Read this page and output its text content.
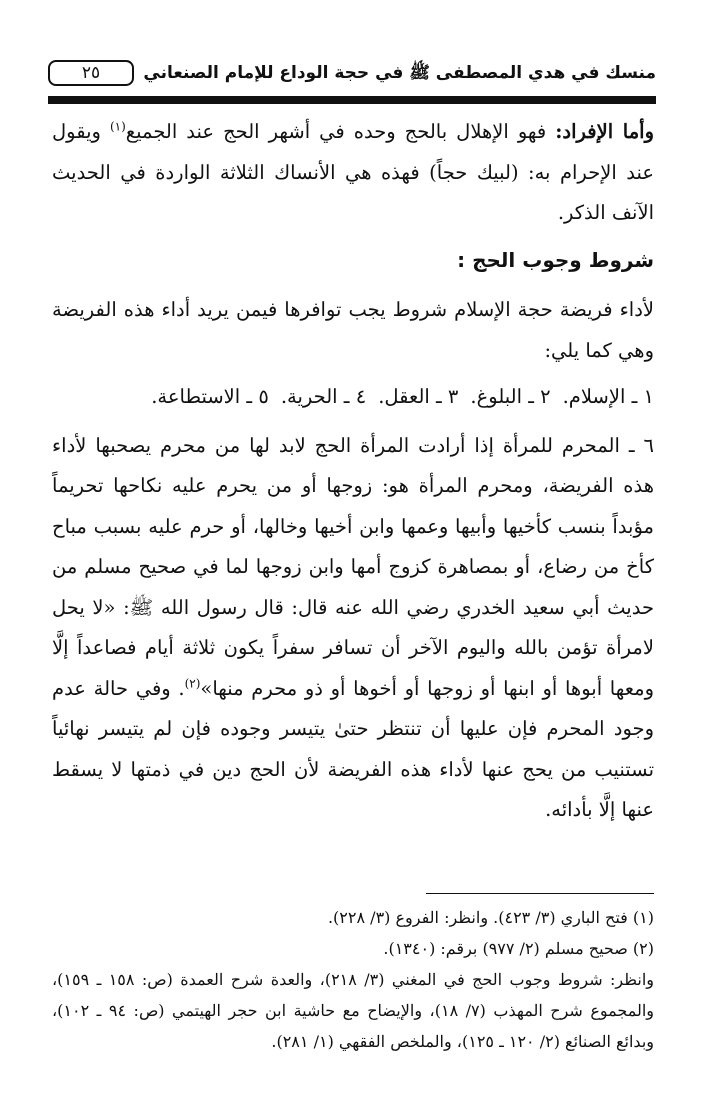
منسك في هدي المصطفى ﷺ في حجة الوداع للإمام الصنعاني
٢٥

وأما الإفراد: فهو الإهلال بالحج وحده في أشهر الحج عند الجميع$^{(١)}$ ويقول عند الإحرام به: (لبيك حجاً) فهذه هي الأنساك الثلاثة الواردة في الحديث الآنف الذكر.

شروط وجوب الحج :

لأداء فريضة حجة الإسلام شروط يجب توافرها فيمن يريد أداء هذه الفريضة وهي كما يلي:

١ ـ الإسلام.٢ ـ البلوغ.٣ ـ العقل.٤ ـ الحرية.٥ ـ الاستطاعة.

٦ ـ المحرم للمرأة إذا أرادت المرأة الحج لابد لها من محرم يصحبها لأداء هذه الفريضة، ومحرم المرأة هو: زوجها أو من يحرم عليه نكاحها تحريماً مؤبداً بنسب كأخيها وأبيها وعمها وابن أخيها وخالها، أو حرم عليه بسبب مباح كأخ من رضاع، أو بمصاهرة كزوج أمها وابن زوجها لما في صحيح مسلم من حديث أبي سعيد الخدري رضي الله عنه قال: قال رسول الله ﷺ: «لا يحل لامرأة تؤمن بالله واليوم الآخر أن تسافر سفراً يكون ثلاثة أيام فصاعداً إلَّا ومعها أبوها أو ابنها أو زوجها أو أخوها أو ذو محرم منها»$^{(٢)}$. وفي حالة عدم وجود المحرم فإن عليها أن تنتظر حتىٰ يتيسر وجوده فإن لم يتيسر نهائياً تستنيب من يحج عنها لأداء هذه الفريضة لأن الحج دين في ذمتها لا يسقط عنها إلَّا بأدائه.

(١) فتح الباري (٣/ ٤٢٣). وانظر: الفروع (٣/ ٢٢٨).

(٢) صحيح مسلم (٢/ ٩٧٧) برقم: (١٣٤٠).

وانظر: شروط وجوب الحج في المغني (٣/ ٢١٨)، والعدة شرح العمدة (ص: ١٥٨ ـ ١٥٩)، والمجموع شرح المهذب (٧/ ١٨)، والإيضاح مع حاشية ابن حجر الهيتمي (ص: ٩٤ ـ ١٠٢)، وبدائع الصنائع (٢/ ١٢٠ ـ ١٢٥)، والملخص الفقهي (١/ ٢٨١).
